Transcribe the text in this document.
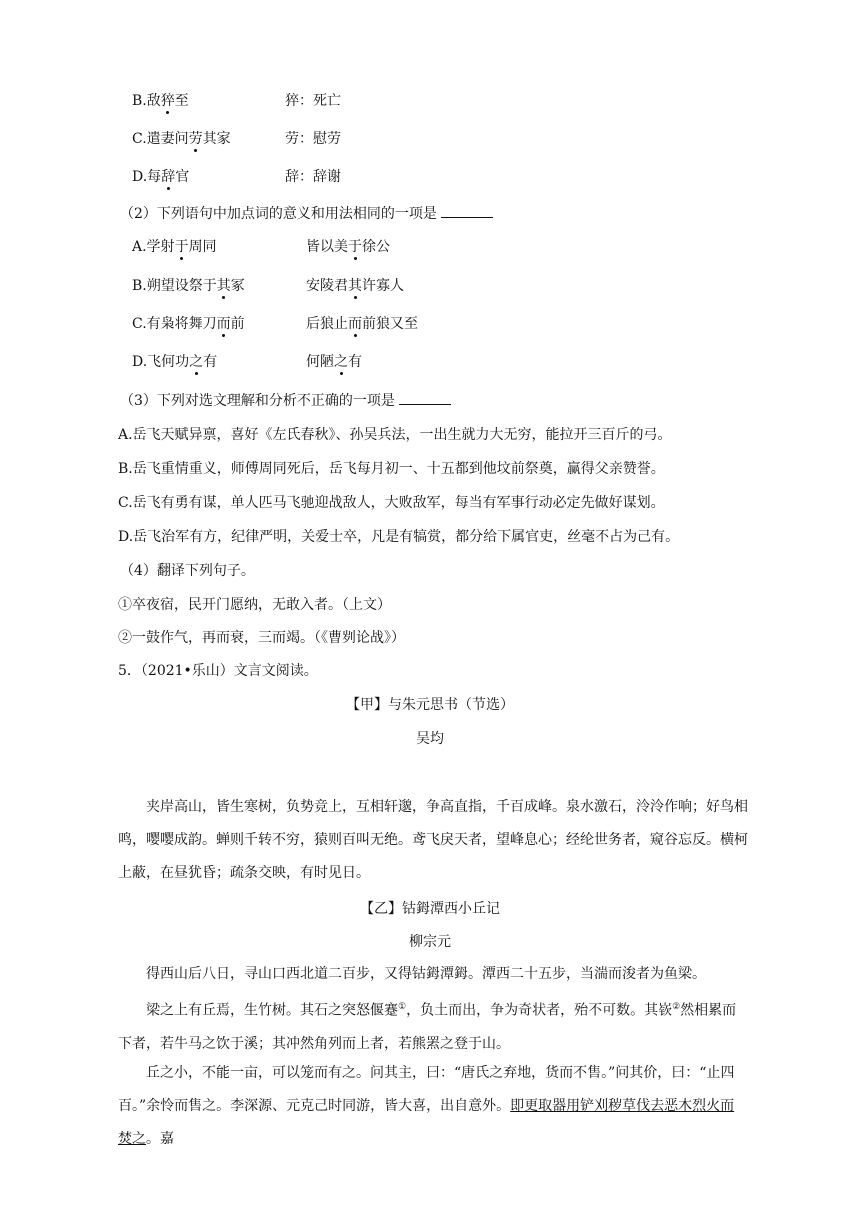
B.敌猝至	猝：死亡
C.遣妻问劳其家	劳：慰劳
D.每辞官	辞：辞谢
（2）下列语句中加点词的意义和用法相同的一项是
A.学射于周同	皆以美于徐公
B.朔望设祭于其冢	安陵君其许寡人
C.有枭将舞刀而前	后狼止而前狼又至
D.飞何功之有	何陋之有
（3）下列对选文理解和分析不正确的一项是
A.岳飞天赋异禀，喜好《左氏春秋》、孙吴兵法，一出生就力大无穷，能拉开三百斤的弓。
B.岳飞重情重义，师傅周同死后，岳飞每月初一、十五都到他坟前祭奠，赢得父亲赞誉。
C.岳飞有勇有谋，单人匹马飞驰迎战敌人，大败敌军，每当有军事行动必定先做好谋划。
D.岳飞治军有方，纪律严明，关爱士卒，凡是有犒赏，都分给下属官吏，丝毫不占为己有。
（4）翻译下列句子。
①卒夜宿，民开门愿纳，无敢入者。（上文）
②一鼓作气，再而衰，三而竭。（《曹刿论战》）
5．（2021•乐山）文言文阅读。
【甲】与朱元思书（节选）
吴均
夹岸高山，皆生寒树，负势竞上，互相轩邈，争高直指，千百成峰。泉水激石，泠泠作响；好鸟相鸣，嘤嘤成韵。蝉则千转不穷，猿则百叫无绝。鸢飞戾天者，望峰息心；经纶世务者，窥谷忘反。横柯上蔽，在昼犹昏；疏条交映，有时见日。
【乙】钴鉧潭西小丘记
柳宗元
得西山后八日，寻山口西北道二百步，又得钴鉧潭鉧。潭西二十五步，当湍而浚者为鱼梁。
梁之上有丘焉，生竹树。其石之突怒偃蹇①，负土而出，争为奇状者，殆不可数。其嵚②然相累而下者，若牛马之饮于溪；其冲然角列而上者，若熊罴之登于山。
丘之小，不能一亩，可以笼而有之。问其主，曰：“唐氏之弃地，货而不售。”问其价，曰：“止四百。”余怜而售之。李深源、元克己时同游，皆大喜，出自意外。即更取器用铲刈秽草伐去恶木烈火而焚之。嘉
